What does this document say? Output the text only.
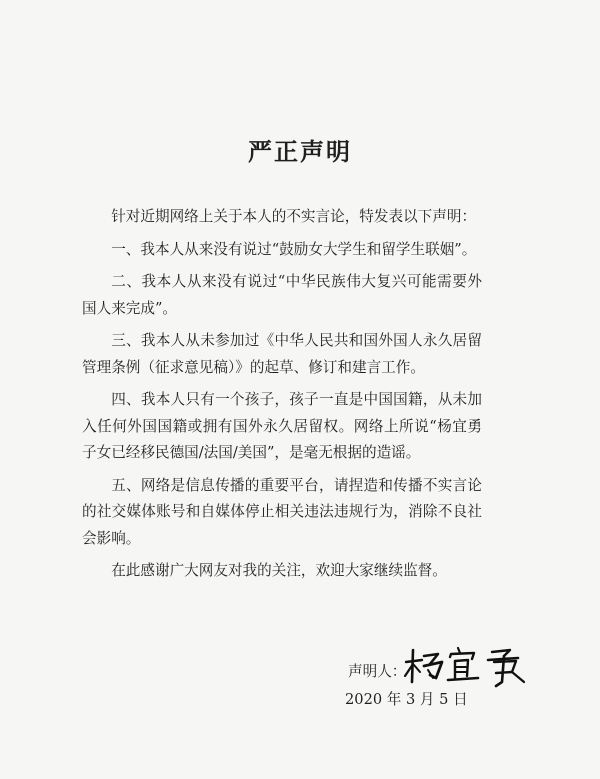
严正声明

针对近期网络上关于本人的不实言论，特发表以下声明：

一、我本人从来没有说过“鼓励女大学生和留学生联姻”。

二、我本人从来没有说过“中华民族伟大复兴可能需要外国人来完成”。

三、我本人从未参加过《中华人民共和国外国人永久居留管理条例（征求意见稿）》的起草、修订和建言工作。

四、我本人只有一个孩子，孩子一直是中国国籍，从未加入任何外国国籍或拥有国外永久居留权。网络上所说“杨宜勇子女已经移民德国/法国/美国”，是毫无根据的造谣。

五、网络是信息传播的重要平台，请捏造和传播不实言论的社交媒体账号和自媒体停止相关违法违规行为，消除不良社会影响。

在此感谢广大网友对我的关注，欢迎大家继续监督。

声明人：
2020 年 3 月 5 日
